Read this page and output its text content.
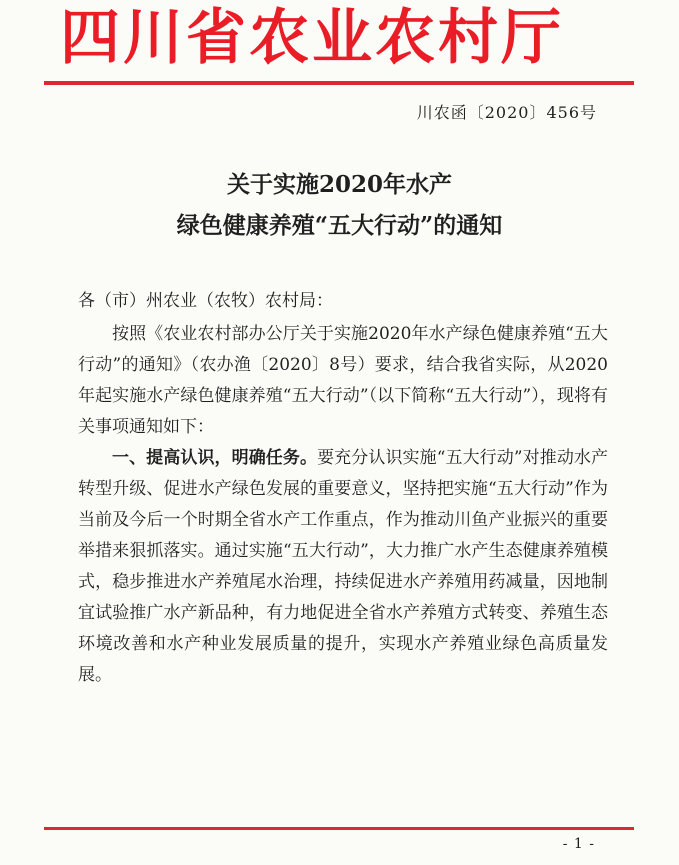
四川省农业农村厅
川农函〔2020〕456号
关于实施2020年水产
绿色健康养殖“五大行动”的通知
各（市）州农业（农牧）农村局：

按照《农业农村部办公厅关于实施2020年水产绿色健康养殖“五大行动”的通知》（农办渔〔2020〕8号）要求，结合我省实际，从2020年起实施水产绿色健康养殖“五大行动”（以下简称“五大行动”），现将有关事项通知如下：

一、提高认识，明确任务。要充分认识实施“五大行动”对推动水产转型升级、促进水产绿色发展的重要意义，坚持把实施“五大行动”作为当前及今后一个时期全省水产工作重点，作为推动川鱼产业振兴的重要举措来狠抓落实。通过实施“五大行动”，大力推广水产生态健康养殖模式，稳步推进水产养殖尾水治理，持续促进水产养殖用药减量，因地制宜试验推广水产新品种，有力地促进全省水产养殖方式转变、养殖生态环境改善和水产种业发展质量的提升，实现水产养殖业绿色高质量发展。

- 1 -
